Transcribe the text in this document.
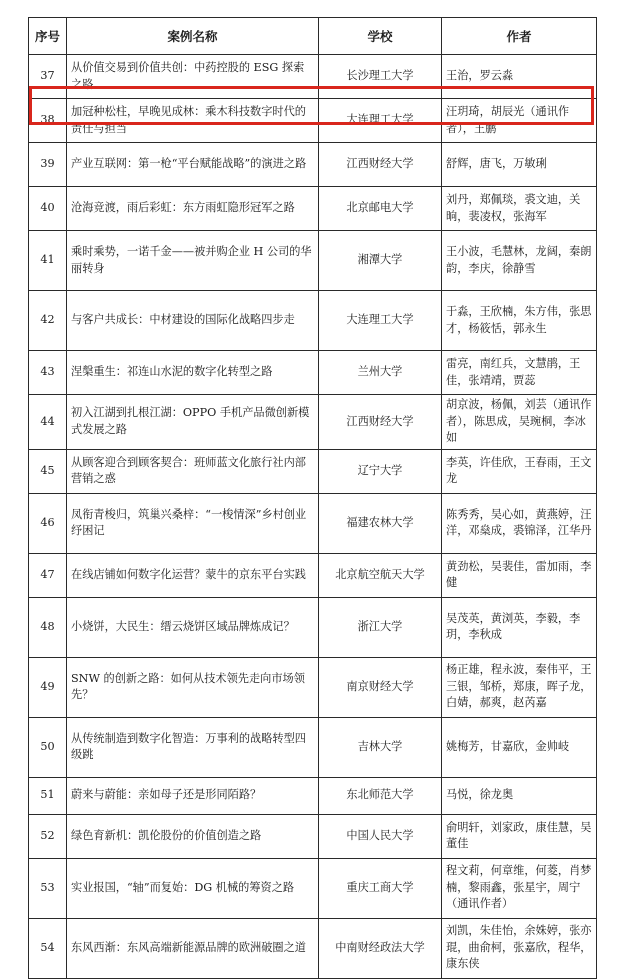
序号	案例名称	学校	作者
37	从价值交易到价值共创：中药控股的 ESG 探索之路	长沙理工大学	王治，罗云淼
38	加冠种松柱，早晚见成林：乘木科技数字时代的责任与担当	大连理工大学	汪玥琦，胡辰光（通讯作者），王鹏
39	产业互联网：第一枪“平台赋能战略”的演进之路	江西财经大学	舒辉，唐飞，万敏琍
40	沧海竞渡，雨后彩虹：东方雨虹隐形冠军之路	北京邮电大学	刘丹，郑佩琰，裘文迪，关晌，裴凌权，张海军
41	乘时乘势，一诺千金——被并购企业 H 公司的华丽转身	湘潭大学	王小波，毛慧林，龙阔，秦朗韵，李庆，徐静雪
42	与客户共成长：中材建设的国际化战略四步走	大连理工大学	于淼，王欣楠，朱方伟，张思才，杨筱恬，郭永生
43	涅槃重生：祁连山水泥的数字化转型之路	兰州大学	雷亮，南红兵，文慧鹃，王佳，张靖靖，贾蕊
44	初入江湖到扎根江湖：OPPO 手机产品微创新模式发展之路	江西财经大学	胡京波，杨佩，刘芸（通讯作者），陈思成，吴琬桐，李冰如
45	从顾客迎合到顾客契合：班师蓝文化旅行社内部营销之惑	辽宁大学	李英，许佳欣，王春雨，王文龙
46	凤衔青梭归，筑巢兴桑梓：“一梭情深”乡村创业纾困记	福建农林大学	陈秀秀，吴心如，黄燕婷，汪洋，邓燊成，裘锦泽，江华丹
47	在线店铺如何数字化运营？蒙牛的京东平台实践	北京航空航天大学	黄劲松，吴裴佳，雷加雨，李健
48	小烧饼，大民生：缙云烧饼区域品牌炼成记？	浙江大学	吴茂英，黄浏英，李毅，李玥，李秋成
49	SNW 的创新之路：如何从技术领先走向市场领先？	南京财经大学	杨正雄，程永波，秦伟平，王三银，邹桥，郑康，晖子龙，白婧，郝爽，赵芮嘉
50	从传统制造到数字化智造：万事利的战略转型四级跳	吉林大学	姚梅芳，甘嘉欣，金帅岐
51	蔚来与蔚能：亲如母子还是形同陌路？	东北师范大学	马悦，徐龙奥
52	绿色育新机：凯伦股份的价值创造之路	中国人民大学	俞明轩，刘家政，康佳慧，吴董佳
53	实业报国，“轴”而复始：DG 机械的筹资之路	重庆工商大学	程文莉，何章维，何菱，肖梦楠，黎雨鑫，张星宇，周宁（通讯作者）
54	东风西渐：东风高端新能源品牌的欧洲破圈之道	中南财经政法大学	刘凯，朱佳怡，余姝婷，张亦琨，曲俞柯，张嘉欣，程华，康东侠
